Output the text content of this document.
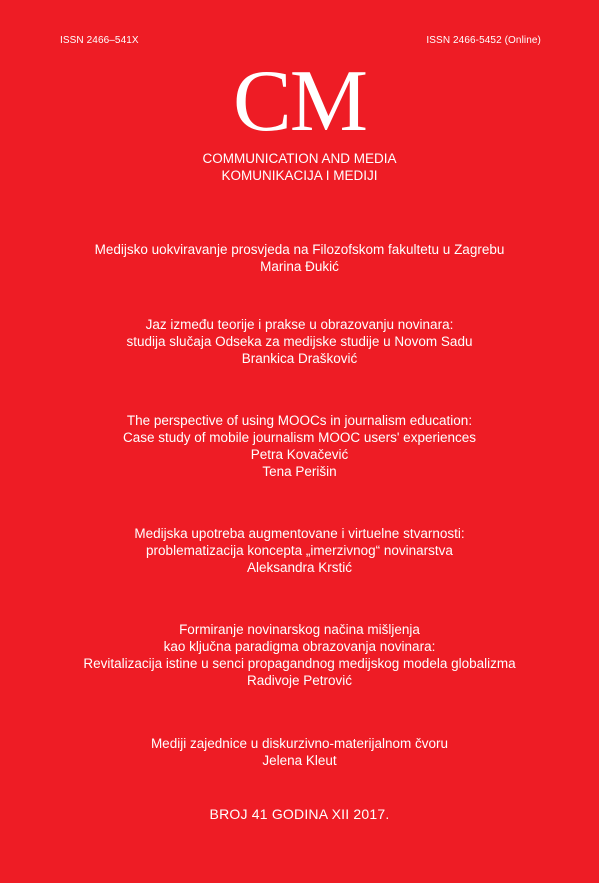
ISSN 2466–541X	ISSN 2466-5452 (Online)
CM
COMMUNICATION AND MEDIA
KOMUNIKACIJA I MEDIJI
Medijsko uokviravanje prosvjeda na Filozofskom fakultetu u Zagrebu
Marina Đukić
Jaz između teorije i prakse u obrazovanju novinara:
studija slučaja Odseka za medijske studije u Novom Sadu
Brankica Drašković
The perspective of using MOOCs in journalism education:
Case study of mobile journalism MOOC users' experiences
Petra Kovačević
Tena Perišin
Medijska upotreba augmentovane i virtuelne stvarnosti:
problematizacija koncepta „imerzivnog“ novinarstva
Aleksandra Krstić
Formiranje novinarskog načina mišljenja
kao ključna paradigma obrazovanja novinara:
Revitalizacija istine u senci propagandnog medijskog modela globalizma
Radivoje Petrović
Mediji zajednice u diskurzivno-materijalnom čvoru
Jelena Kleut
BROJ 41 GODINA XII 2017.
